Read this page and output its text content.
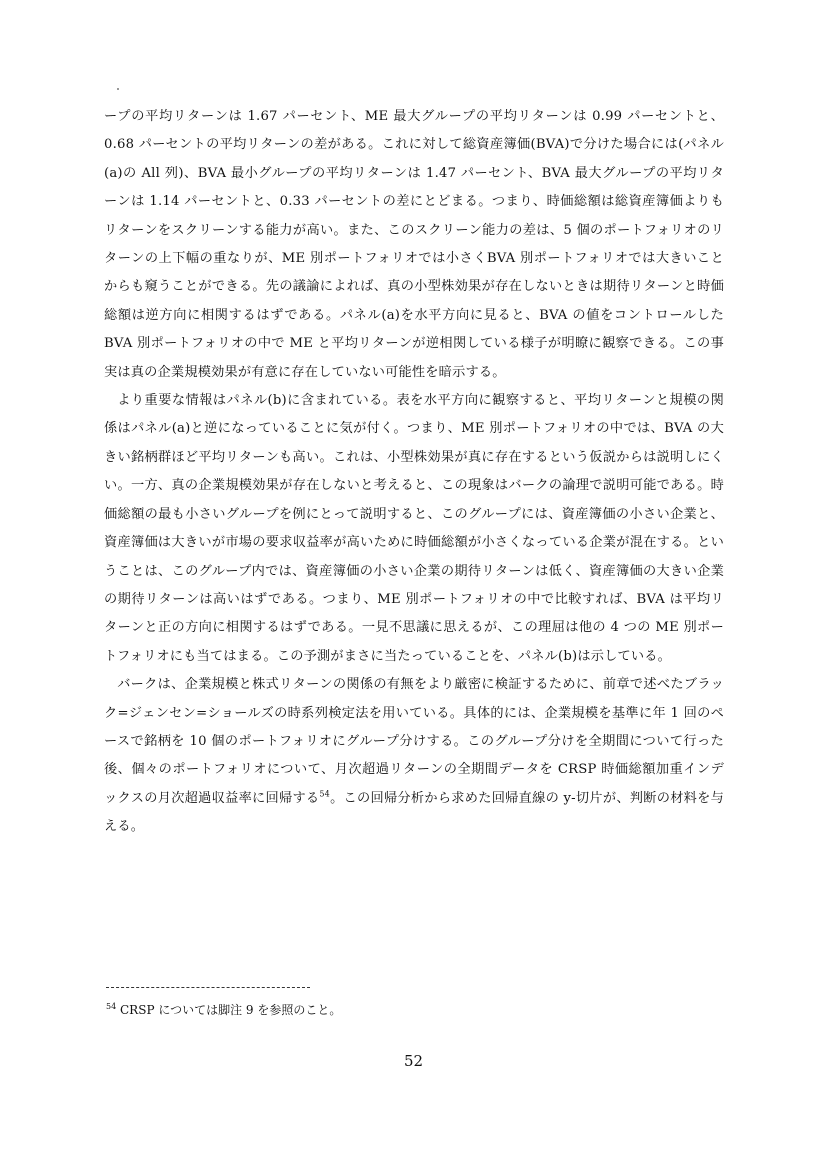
ープの平均リターンは 1.67 パーセント、ME 最大グループの平均リターンは 0.99 パーセントと、0.68 パーセントの平均リターンの差がある。これに対して総資産簿価(BVA)で分けた場合には(パネル(a)の All 列)、BVA 最小グループの平均リターンは 1.47 パーセント、BVA 最大グループの平均リターンは 1.14 パーセントと、0.33 パーセントの差にとどまる。つまり、時価総額は総資産簿価よりもリターンをスクリーンする能力が高い。また、このスクリーン能力の差は、5 個のポートフォリオのリターンの上下幅の重なりが、ME 別ポートフォリオでは小さくBVA 別ポートフォリオでは大きいことからも窺うことができる。先の議論によれば、真の小型株効果が存在しないときは期待リターンと時価総額は逆方向に相関するはずである。パネル(a)を水平方向に見ると、BVA の値をコントロールした BVA 別ポートフォリオの中で ME と平均リターンが逆相関している様子が明瞭に観察できる。この事実は真の企業規模効果が有意に存在していない可能性を暗示する。

より重要な情報はパネル(b)に含まれている。表を水平方向に観察すると、平均リターンと規模の関係はパネル(a)と逆になっていることに気が付く。つまり、ME 別ポートフォリオの中では、BVA の大きい銘柄群ほど平均リターンも高い。これは、小型株効果が真に存在するという仮説からは説明しにくい。一方、真の企業規模効果が存在しないと考えると、この現象はバークの論理で説明可能である。時価総額の最も小さいグループを例にとって説明すると、このグループには、資産簿価の小さい企業と、資産簿価は大きいが市場の要求収益率が高いために時価総額が小さくなっている企業が混在する。ということは、このグループ内では、資産簿価の小さい企業の期待リターンは低く、資産簿価の大きい企業の期待リターンは高いはずである。つまり、ME 別ポートフォリオの中で比較すれば、BVA は平均リターンと正の方向に相関するはずである。一見不思議に思えるが、この理屈は他の 4 つの ME 別ポートフォリオにも当てはまる。この予測がまさに当たっていることを、パネル(b)は示している。

バークは、企業規模と株式リターンの関係の有無をより厳密に検証するために、前章で述べたブラック=ジェンセン=ショールズの時系列検定法を用いている。具体的には、企業規模を基準に年 1 回のペースで銘柄を 10 個のポートフォリオにグループ分けする。このグループ分けを全期間について行った後、個々のポートフォリオについて、月次超過リターンの全期間データを CRSP 時価総額加重インデックスの月次超過収益率に回帰する$^{54}$。この回帰分析から求めた回帰直線の y-切片が、判断の材料を与える。

$^{54}$ CRSP については脚注 9 を参照のこと。

52
